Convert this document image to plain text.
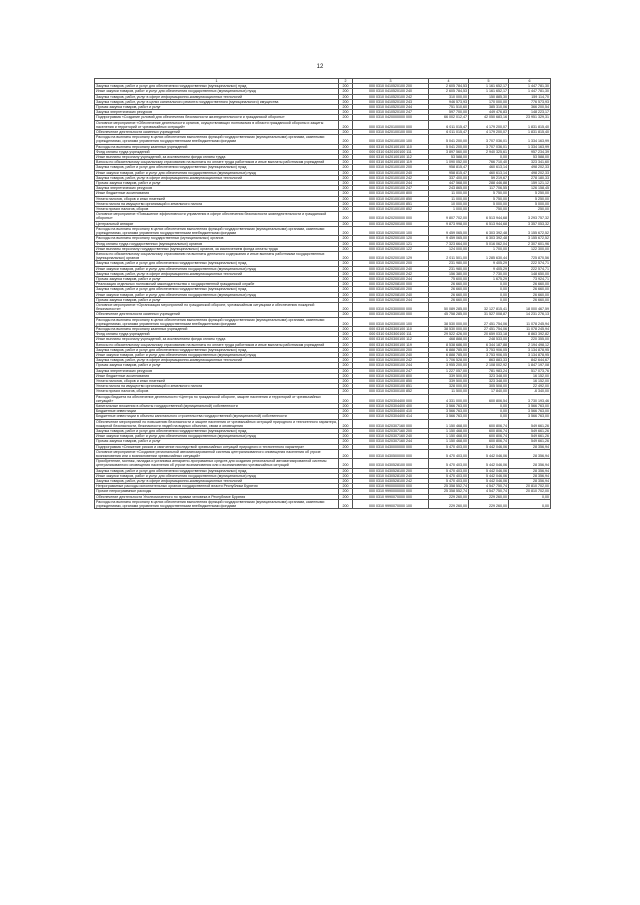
12
1	2	3	4	5	6
Закупка товаров, работ и услуг для обеспечения государственных (муниципальных) нужд	200	000 0310 0410520100 200	2 605 784,53	1 161 652,17	1 447 781,30
Иные закупки товаров, работ и услуг для обеспечения государственных (муниципальных) нужд	200	000 0310 0410520100 240	2 605 784,53	1 161 652,17	1 447 781,30
Закупка товаров, работ, услуг в сфере информационно-коммуникационных технологий	200	000 0310 0410520100 242	310 000,00	150 885,30	159 114,70
Закупка товаров, работ, услуг в целях капитального ремонта государственного (муниципального) имущества	200	000 0310 0410520100 243	946 573,93	170 000,00	776 573,93
Прочая закупка товаров, работ и услуг	200	000 0310 0410520100 244	751 510,60	385 310,06	366 200,54
Закупка энергетических ресурсов	200	000 0310 0410520100 247	597 700,00	449 476,83	148 223,17
Подпрограмма «Создание условий для обеспечения безопасности жизнедеятельности и гражданской обороны»	200	000 0310 0420000000 000	66 002 012,47	42 050 683,16	23 951 329,31
Основное мероприятие «Обеспечение деятельности органов, осуществляющих полномочия в области гражданской обороны и защиты населения и территорий от чрезвычайных ситуаций»	200	000 0310 0420100000 000	6 011 015,47	4 179 200,07	1 831 815,40
Обеспечение деятельности казенных учреждений	200	000 0310 0420100100 000	6 011 015,47	4 179 200,07	1 831 815,40
Расходы на выплаты персоналу в целях обеспечения выполнения функций государственными (муниципальными) органами, казенными учреждениями, органами управления государственными внебюджетными фондами	200	000 0310 0420100100 100	5 041 200,00	3 707 036,01	1 334 163,99
Расходы на выплаты персоналу казенных учреждений	200	000 0310 0420100100 110	5 041 200,00	3 707 036,01	1 334 163,99
Фонд оплаты труда учреждений	200	000 0310 0420100100 111	3 897 560,00	2 940 325,61	957 234,39
Иные выплаты персоналу учреждений, за исключением фонда оплаты труда	200	000 0310 0420100100 112	53 588,00	0,00	53 588,00
Взносы по обязательному социальному страхованию на выплаты по оплате труда работников и иные выплаты работникам учреждений	200	000 0310 0420100100 119	1 090 052,00	766 710,40	323 341,60
Закупка товаров, работ и услуг для обеспечения государственных (муниципальных) нужд	200	000 0310 0420100100 200	958 815,47	460 613,14	498 202,33
Иные закупки товаров, работ и услуг для обеспечения государственных (муниципальных) нужд	200	000 0310 0420100100 240	958 815,47	460 613,14	498 202,33
Закупка товаров, работ, услуг в сфере информационно-коммуникационных технологий	200	000 0310 0420100100 242	337 400,00	59 219,67	278 180,33
Прочая закупка товаров, работ и услуг	200	000 0310 0420100100 244	447 568,00	288 446,88	159 121,12
Закупка энергетических ресурсов	200	000 0310 0420100100 247	243 865,00	117 706,55	126 158,45
Иные бюджетные ассигнования	200	000 0310 0420100100 800	11 000,00	5 750,00	5 250,00
Уплата налогов, сборов и иных платежей	200	000 0310 0420100100 850	11 000,00	5 750,00	5 250,00
Уплата налога на имущество организаций и земельного налога	200	000 0310 0420100100 851	10 000,00	5 000,00	5 000,00
Уплата прочих налогов, сборов	200	000 0310 0420100100 852	1 000,00	750,00	250,00
Основное мероприятие «Повышение эффективности управления в сфере обеспечения безопасности жизнедеятельности и гражданской обороны»	200	000 0310 0420200000 000	9 807 702,00	6 513 944,68	3 293 757,32
Центральный аппарат	200	000 0310 0420200100 000	9 873 998,00	6 513 944,68	3 357 053,32
Расходы на выплаты персоналу в целях обеспечения выполнения функций государственными (муниципальными) органами, казенными учреждениями, органами управления государственными внебюджетными фондами	200	000 0310 0420200100 100	9 459 065,00	6 303 392,48	3 155 672,52
Расходы на выплаты персоналу государственных (муниципальных) органов	200	000 0310 0420200100 120	9 459 065,00	6 303 392,48	3 155 672,52
Фонд оплаты труда государственных (муниципальных) органов	200	000 0310 0420200100 121	7 323 664,00	5 016 062,04	2 307 601,96
Иные выплаты персоналу государственных (муниципальных) органов, за исключением фонда оплаты труда	200	000 0310 0420200100 122	124 000,00	1 700,00	122 300,00
Взносы по обязательному социальному страхованию на выплаты денежного содержания и иные выплаты работникам государственных (муниципальных) органов	200	000 0310 0420200100 129	2 011 501,00	1 285 630,44	725 870,56
Закупка товаров, работ и услуг для обеспечения государственных (муниципальных) нужд	200	000 0310 0420200100 200	231 980,00	9 405,29	222 574,71
Иные закупки товаров, работ и услуг для обеспечения государственных (муниципальных) нужд	200	000 0310 0420200100 240	231 980,00	9 405,29	222 574,71
Закупка товаров, работ, услуг в сфере информационно-коммуникационных технологий	200	000 0310 0420200100 242	156 380,00	7 730,00	148 650,00
Прочая закупка товаров, работ и услуг	200	000 0310 0420200100 244	75 600,00	1 675,29	73 924,71
Реализация отдельных полномочий законодательства о государственной гражданской службе	200	000 0310 0420208100 000	26 660,00	0,00	26 660,00
Закупка товаров, работ и услуг для обеспечения государственных (муниципальных) нужд	200	000 0310 0420208100 200	26 660,00	0,00	26 660,00
Иные закупки товаров, работ и услуг для обеспечения государственных (муниципальных) нужд	200	000 0310 0420208100 240	26 660,00	0,00	26 660,00
Прочая закупка товаров, работ и услуг	200	000 0310 0420208100 244	26 660,00	0,00	26 660,00
Основное мероприятие «Организация мероприятий по гражданской обороне, чрезвычайным ситуациям и обеспечению пожарной безопасности»	200	000 0310 0420300000 000	50 089 285,00	32 127 815,41	18 000 467,59
Обеспечение деятельности казенных учреждений	200	000 0310 0420300100 000	45 758 285,00	31 527 008,87	14 231 276,13
Расходы на выплаты персоналу в целях обеспечения выполнения функций государственными (муниципальными) органами, казенными учреждениями, органами управления государственными внебюджетными фондами	200	000 0310 0420300100 100	38 530 000,00	27 451 754,06	11 078 245,94
Расходы на выплаты персоналу казенных учреждений	200	000 0310 0420300100 110	38 530 000,00	27 451 754,06	11 078 245,94
Фонд оплаты труда учреждений	200	000 0310 0420300100 111	29 522 426,00	20 659 033,18	8 863 392,82
Иные выплаты персоналу учреждений, за исключением фонда оплаты труда	200	000 0310 0420300100 112	468 888,00	248 533,00	220 355,00
Взносы по обязательному социальному страхованию на выплаты по оплате труда работников и иные выплаты работникам учреждений	200	000 0310 0420300100 119	8 538 686,00	6 344 187,88	2 194 498,12
Закупка товаров, работ и услуг для обеспечения государственных (муниципальных) нужд	200	000 0310 0420300100 200	6 888 785,00	3 753 906,05	3 134 878,95
Иные закупки товаров, работ и услуг для обеспечения государственных (муниципальных) нужд	200	000 0310 0420300100 240	6 888 785,00	3 753 906,05	3 134 878,95
Закупка товаров, работ, услуг в сфере информационно-коммуникационных технологий	200	000 0310 0420300100 242	1 706 528,00	863 883,33	842 644,67
Прочая закупка товаров, работ и услуг	200	000 0310 0420300100 244	3 955 200,00	2 108 002,92	1 847 197,08
Закупка энергетических ресурсов	200	000 0310 0420300100 247	1 227 057,00	781 983,24	517 073,76
Иные бюджетные ассигнования	200	000 0310 0420300100 800	339 500,00	323 348,00	16 152,00
Уплата налогов, сборов и иных платежей	200	000 0310 0420300100 850	339 500,00	323 348,00	16 152,00
Уплата налога на имущество организаций и земельного налога	200	000 0310 0420300100 851	328 000,00	305 508,00	22 492,00
Уплата прочих налогов, сборов	200	000 0310 0420300100 852	11 500,00	17 840,00	-6 340,00
Расходы бюджета на обеспечение деятельности «Центра по гражданской обороне, защите населения и территорий от чрезвычайных ситуаций»	200	000 0310 0420304400 000	4 331 000,00	600 806,54	3 730 193,46
Капитальные вложения в объекты государственной (муниципальной) собственности	200	000 0310 0420304400 400	3 566 763,00	0,00	3 566 763,00
Бюджетные инвестиции	200	000 0310 0420304400 410	3 566 763,00	0,00	3 566 763,00
Бюджетные инвестиции в объекты капитального строительства государственной (муниципальной) собственности	200	000 0310 0420304400 414	3 566 763,00	0,00	3 566 763,00
Обеспечение мероприятий по повышению безопасности и защите населения от чрезвычайных ситуаций природного и техногенного характера, пожарной безопасности, безопасности людей на водных объектах, связи и оповещения	200	000 0310 0420307160 000	1 150 468,00	600 806,74	549 661,26
Закупка товаров, работ и услуг для обеспечения государственных (муниципальных) нужд	200	000 0310 0420307160 200	1 150 468,00	600 806,74	549 661,26
Иные закупки товаров, работ и услуг для обеспечения государственных (муниципальных) нужд	200	000 0310 0420307160 240	1 150 468,00	600 806,74	549 661,26
Прочая закупка товаров, работ и услуг	200	000 0310 0420307160 244	1 150 468,00	600 806,74	549 661,26
Подпрограмма «Снижение рисков и смягчение последствий чрезвычайных ситуаций природного и техногенного характера»	200	000 0310 0430000000 000	5 470 403,00	5 442 046,06	28 356,94
Основное мероприятие «Создание региональной автоматизированной системы централизованного оповещения населения об угрозе возникновения или о возникновении чрезвычайных ситуаций»	200	000 0310 0430500000 000	5 470 403,00	5 442 046,06	28 356,94
Приобретение, монтаж, наладка и установка аппаратно-программных средств для создания региональной автоматизированной системы централизованного оповещения населения об угрозе возникновения или о возникновении чрезвычайных ситуаций	200	000 0310 0430528100 000	5 470 403,00	5 442 046,06	28 356,94
Закупка товаров, работ и услуг для обеспечения государственных (муниципальных) нужд	200	000 0310 0430528100 200	5 470 403,00	5 442 046,06	28 356,94
Иные закупки товаров, работ и услуг для обеспечения государственных (муниципальных) нужд	200	000 0310 0430528100 240	5 470 403,00	5 442 046,06	28 356,94
Закупка товаров, работ, услуг в сфере информационно-коммуникационных технологий	200	000 0310 0430528100 242	5 470 403,00	5 442 046,06	28 356,94
Непрограммные расходы исполнительных органов государственной власти Республики Бурятия	200	000 0310 9900000000 000	25 358 552,74	4 547 750,74	20 810 702,00
Прочие непрограммные расходы	200	000 0310 9990000000 000	25 358 552,74	4 547 750,74	20 810 702,00
Обеспечение деятельности Уполномоченного по правам человека в Республике Бурятия	200	000 0310 9990070000 000	229 260,00	229 260,00	0,00
Расходы на выплаты персоналу в целях обеспечения выполнения функций государственными (муниципальными) органами, казенными учреждениями, органами управления государственными внебюджетными фондами	200	000 0310 9990070000 100	229 260,00	229 260,00	0,00
